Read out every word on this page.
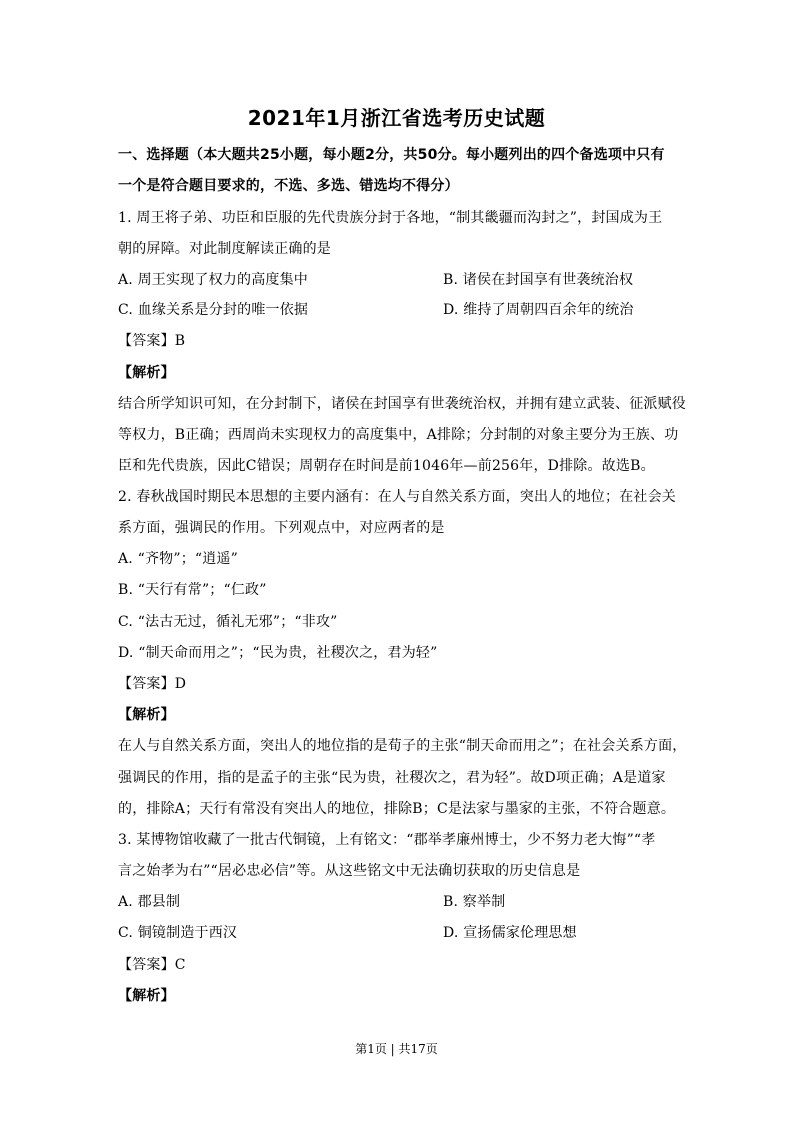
2021年1月浙江省选考历史试题
一、选择题（本大题共25小题，每小题2分，共50分。每小题列出的四个备选项中只有
一个是符合题目要求的，不选、多选、错选均不得分）
1. 周王将子弟、功臣和臣服的先代贵族分封于各地，“制其畿疆而沟封之”，封国成为王
朝的屏障。对此制度解读正确的是
A. 周王实现了权力的高度集中	B. 诸侯在封国享有世袭统治权
C. 血缘关系是分封的唯一依据	D. 维持了周朝四百余年的统治
【答案】B
【解析】
结合所学知识可知，在分封制下，诸侯在封国享有世袭统治权，并拥有建立武装、征派赋役
等权力，B正确；西周尚未实现权力的高度集中，A排除；分封制的对象主要分为王族、功
臣和先代贵族，因此C错误；周朝存在时间是前1046年—前256年，D排除。故选B。
2. 春秋战国时期民本思想的主要内涵有：在人与自然关系方面，突出人的地位；在社会关
系方面，强调民的作用。下列观点中，对应两者的是
A. “齐物”；“逍遥”
B. “天行有常”；“仁政”
C. “法古无过，循礼无邪”；“非攻”
D. “制天命而用之”；“民为贵，社稷次之，君为轻”
【答案】D
【解析】
在人与自然关系方面，突出人的地位指的是荀子的主张“制天命而用之”；在社会关系方面，
强调民的作用，指的是孟子的主张“民为贵，社稷次之，君为轻”。故D项正确；A是道家
的，排除A；天行有常没有突出人的地位，排除B；C是法家与墨家的主张，不符合题意。
3. 某博物馆收藏了一批古代铜镜，上有铭文：“郡举孝廉州博士，少不努力老大悔”“孝
言之始孝为右”“居必忠必信”等。从这些铭文中无法确切获取的历史信息是
A. 郡县制	B. 察举制
C. 铜镜制造于西汉	D. 宣扬儒家伦理思想
【答案】C
【解析】
第1页 | 共17页
